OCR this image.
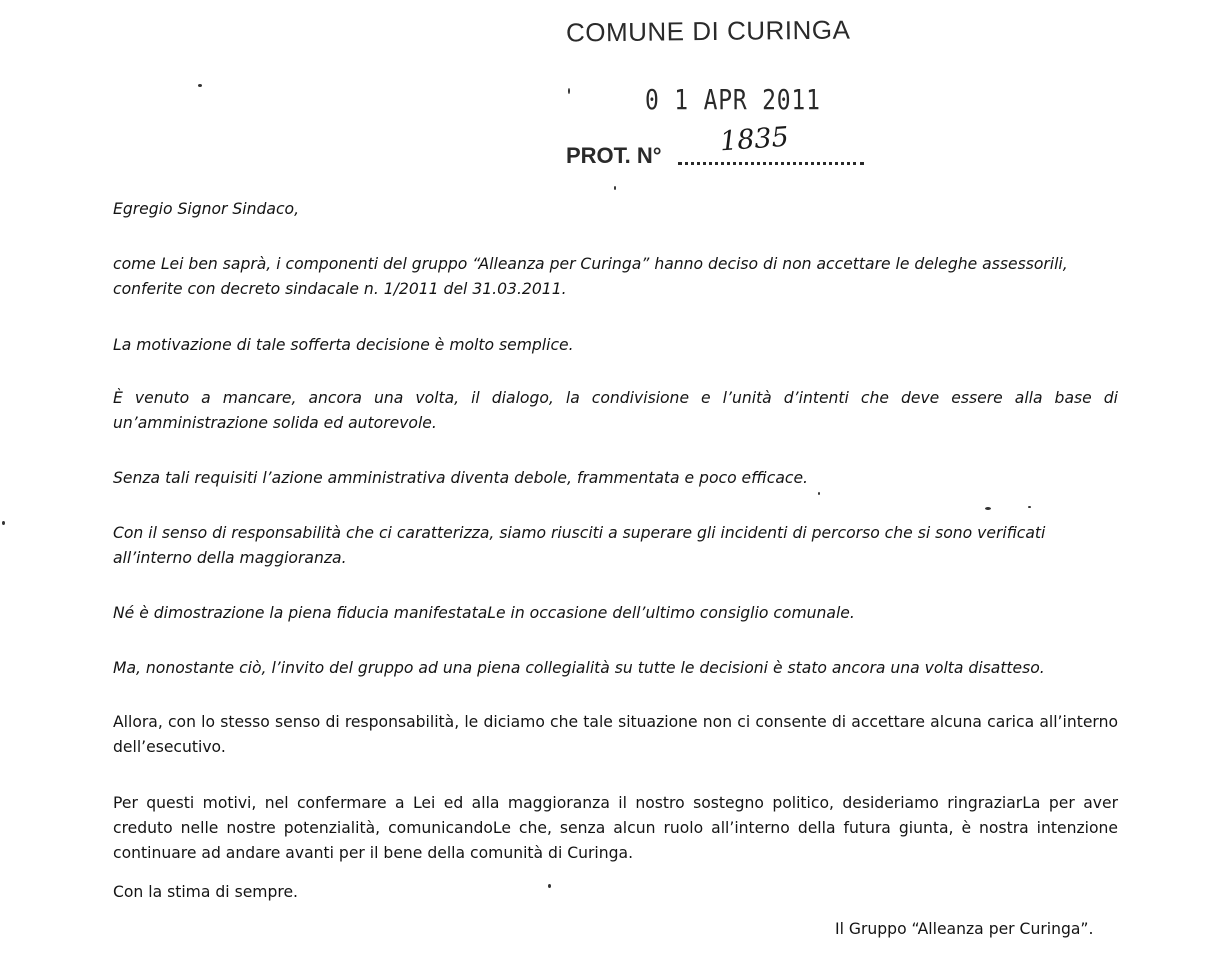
COMUNE DI CURINGA
0 1 APR 2011
PROT. N° 1835

Egregio Signor Sindaco,

come Lei ben saprà, i componenti del gruppo “Alleanza per Curinga” hanno deciso di non accettare le deleghe assessorili, conferite con decreto sindacale n. 1/2011 del 31.03.2011.

La motivazione di tale sofferta decisione è molto semplice.

È venuto a mancare, ancora una volta, il dialogo, la condivisione e l’unità d’intenti che deve essere alla base di un’amministrazione solida ed autorevole.

Senza tali requisiti l’azione amministrativa diventa debole, frammentata e poco efficace.

Con il senso di responsabilità che ci caratterizza, siamo riusciti a superare gli incidenti di percorso che si sono verificati all’interno della maggioranza.

Né è dimostrazione la piena fiducia manifestataLe in occasione dell’ultimo consiglio comunale.

Ma, nonostante ciò, l’invito del gruppo ad una piena collegialità su tutte le decisioni è stato ancora una volta disatteso.

Allora, con lo stesso senso di responsabilità, le diciamo che tale situazione non ci consente di accettare alcuna carica all’interno dell’esecutivo.

Per questi motivi, nel confermare a Lei ed alla maggioranza il nostro sostegno politico, desideriamo ringraziarLa per aver creduto nelle nostre potenzialità, comunicandoLe che, senza alcun ruolo all’interno della futura giunta, è nostra intenzione continuare ad andare avanti per il bene della comunità di Curinga.

Con la stima di sempre.

Il Gruppo “Alleanza per Curinga”.
